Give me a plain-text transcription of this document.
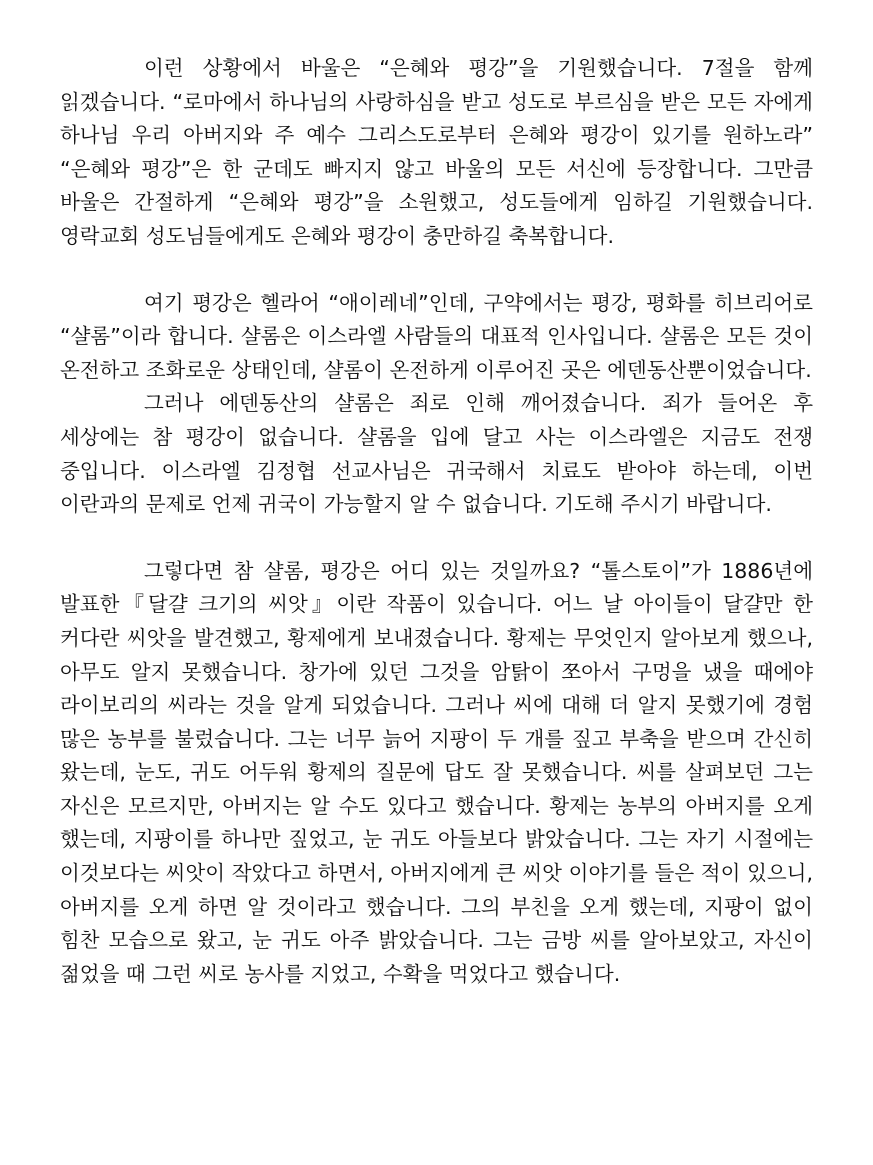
이런 상황에서 바울은 “은혜와 평강”을 기원했습니다. 7절을 함께 읽겠습니다. “로마에서 하나님의 사랑하심을 받고 성도로 부르심을 받은 모든 자에게 하나님 우리 아버지와 주 예수 그리스도로부터 은혜와 평강이 있기를 원하노라” “은혜와 평강”은 한 군데도 빠지지 않고 바울의 모든 서신에 등장합니다. 그만큼 바울은 간절하게 “은혜와 평강”을 소원했고, 성도들에게 임하길 기원했습니다. 영락교회 성도님들에게도 은혜와 평강이 충만하길 축복합니다.

여기 평강은 헬라어 “애이레네”인데, 구약에서는 평강, 평화를 히브리어로 “샬롬”이라 합니다. 샬롬은 이스라엘 사람들의 대표적 인사입니다. 샬롬은 모든 것이 온전하고 조화로운 상태인데, 샬롬이 온전하게 이루어진 곳은 에덴동산뿐이었습니다.

그러나 에덴동산의 샬롬은 죄로 인해 깨어졌습니다. 죄가 들어온 후 세상에는 참 평강이 없습니다. 샬롬을 입에 달고 사는 이스라엘은 지금도 전쟁 중입니다. 이스라엘 김정협 선교사님은 귀국해서 치료도 받아야 하는데, 이번 이란과의 문제로 언제 귀국이 가능할지 알 수 없습니다. 기도해 주시기 바랍니다.

그렇다면 참 샬롬, 평강은 어디 있는 것일까요? “톨스토이”가 1886년에 발표한『달걀 크기의 씨앗』이란 작품이 있습니다. 어느 날 아이들이 달걀만 한 커다란 씨앗을 발견했고, 황제에게 보내졌습니다. 황제는 무엇인지 알아보게 했으나, 아무도 알지 못했습니다. 창가에 있던 그것을 암탉이 쪼아서 구멍을 냈을 때에야 라이보리의 씨라는 것을 알게 되었습니다. 그러나 씨에 대해 더 알지 못했기에 경험 많은 농부를 불렀습니다. 그는 너무 늙어 지팡이 두 개를 짚고 부축을 받으며 간신히 왔는데, 눈도, 귀도 어두워 황제의 질문에 답도 잘 못했습니다. 씨를 살펴보던 그는 자신은 모르지만, 아버지는 알 수도 있다고 했습니다. 황제는 농부의 아버지를 오게 했는데, 지팡이를 하나만 짚었고, 눈 귀도 아들보다 밝았습니다. 그는 자기 시절에는 이것보다는 씨앗이 작았다고 하면서, 아버지에게 큰 씨앗 이야기를 들은 적이 있으니, 아버지를 오게 하면 알 것이라고 했습니다. 그의 부친을 오게 했는데, 지팡이 없이 힘찬 모습으로 왔고, 눈 귀도 아주 밝았습니다. 그는 금방 씨를 알아보았고, 자신이 젊었을 때 그런 씨로 농사를 지었고, 수확을 먹었다고 했습니다.
